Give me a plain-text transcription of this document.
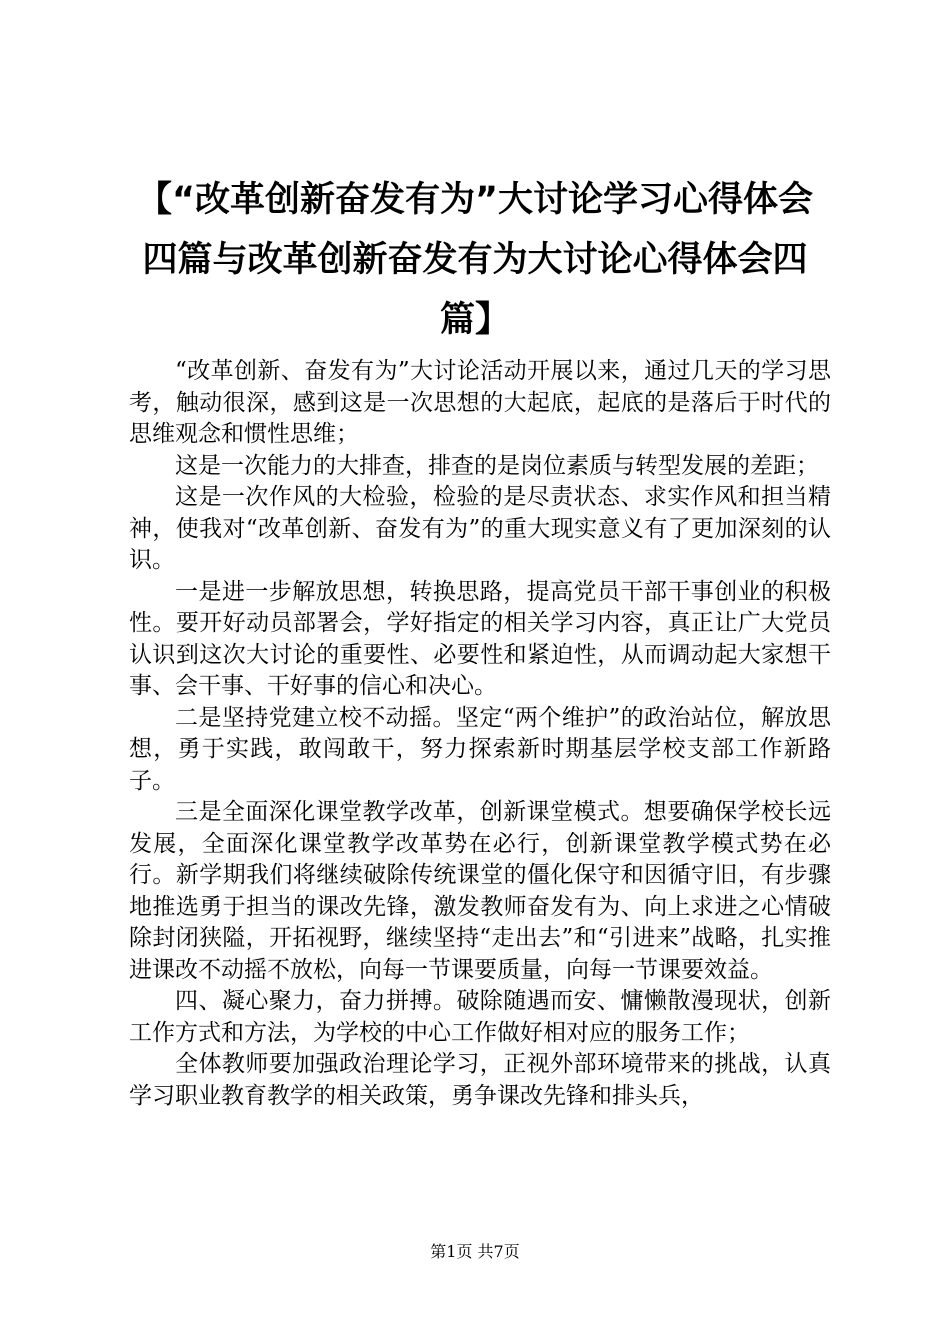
【“改革创新奋发有为”大讨论学习心得体会
四篇与改革创新奋发有为大讨论心得体会四
篇】

“改革创新、奋发有为”大讨论活动开展以来，通过几天的学习思考，触动很深，感到这是一次思想的大起底，起底的是落后于时代的思维观念和惯性思维；

这是一次能力的大排查，排查的是岗位素质与转型发展的差距；

这是一次作风的大检验，检验的是尽责状态、求实作风和担当精神，使我对“改革创新、奋发有为”的重大现实意义有了更加深刻的认识。

一是进一步解放思想，转换思路，提高党员干部干事创业的积极性。要开好动员部署会，学好指定的相关学习内容，真正让广大党员认识到这次大讨论的重要性、必要性和紧迫性，从而调动起大家想干事、会干事、干好事的信心和决心。

二是坚持党建立校不动摇。坚定“两个维护”的政治站位，解放思想，勇于实践，敢闯敢干，努力探索新时期基层学校支部工作新路子。

三是全面深化课堂教学改革，创新课堂模式。想要确保学校长远发展，全面深化课堂教学改革势在必行，创新课堂教学模式势在必行。新学期我们将继续破除传统课堂的僵化保守和因循守旧，有步骤地推选勇于担当的课改先锋，激发教师奋发有为、向上求进之心情破除封闭狭隘，开拓视野，继续坚持“走出去”和“引进来”战略，扎实推进课改不动摇不放松，向每一节课要质量，向每一节课要效益。

四、凝心聚力，奋力拼搏。破除随遇而安、慵懒散漫现状，创新工作方式和方法，为学校的中心工作做好相对应的服务工作；

全体教师要加强政治理论学习，正视外部环境带来的挑战，认真学习职业教育教学的相关政策，勇争课改先锋和排头兵，

第1页 共7页
